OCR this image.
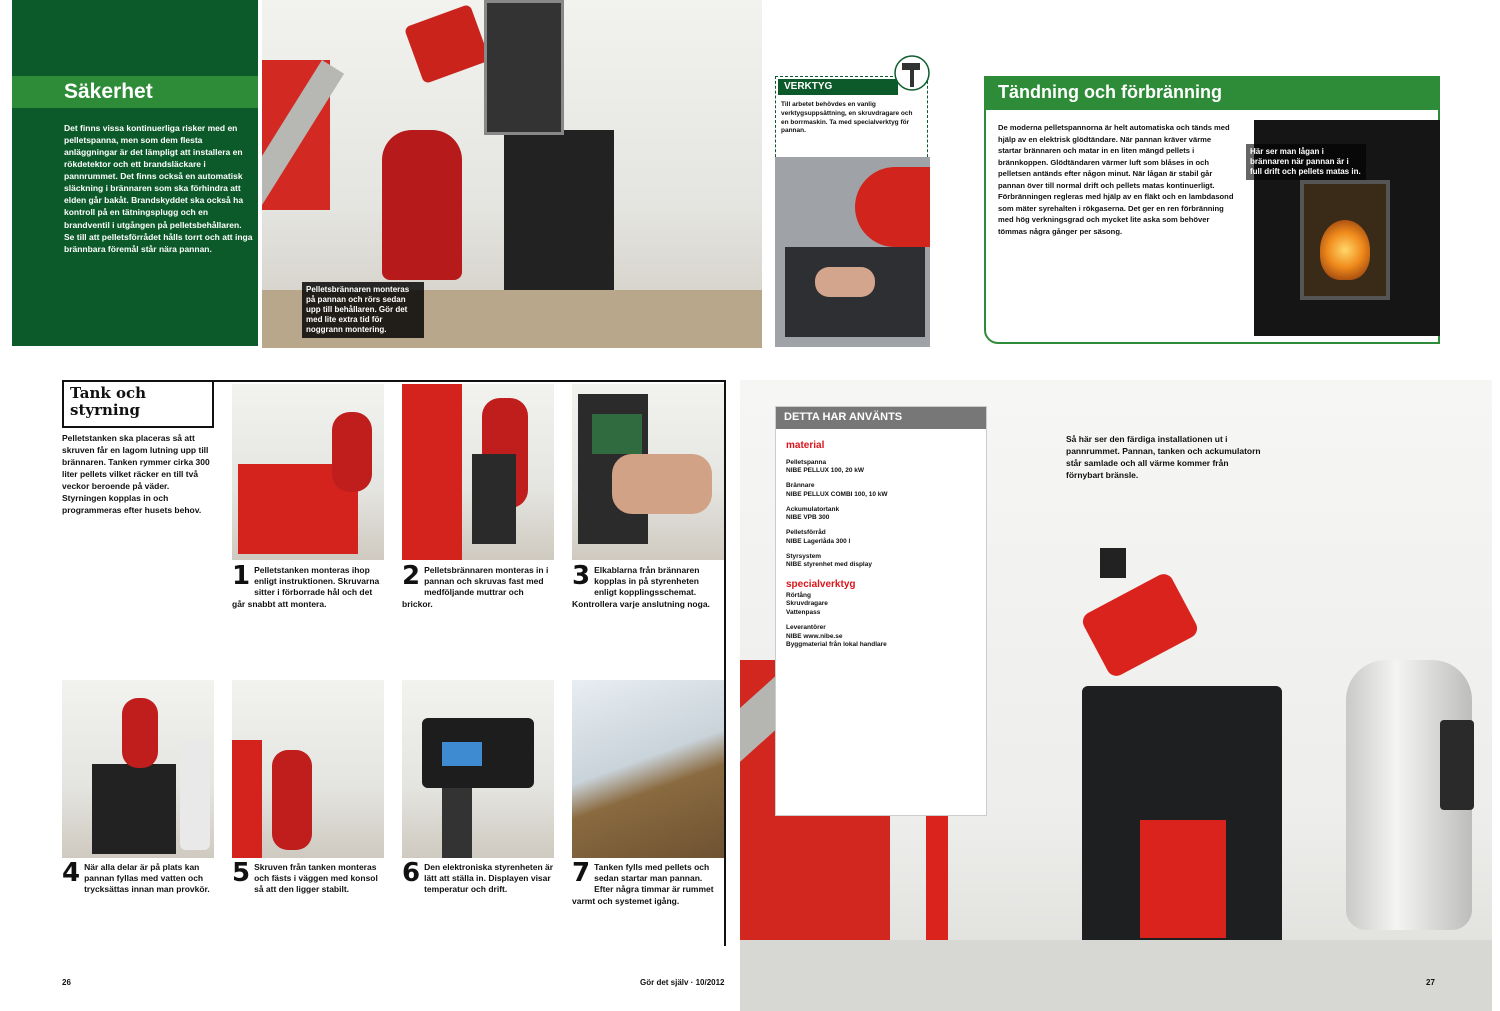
Säkerhet
Det finns vissa kontinuerliga risker med en pelletspanna, men som dem flesta anläggningar är det lämpligt att installera en rökdetektor och ett brandsläckare i pannrummet. Det finns också en automatisk släckning i brännaren som ska förhindra att elden går bakåt. Brandskyddet ska också ha kontroll på en tätningsplugg och en brandventil i utgången på pelletsbehållaren. Se till att pelletsförrådet hålls torrt och att inga brännbara föremål står nära pannan.
Pelletsbrännaren monteras på pannan och rörs sedan upp till behållaren. Gör det med lite extra tid för noggrann montering.
VERKTYG
Till arbetet behövdes en vanlig verktygsuppsättning, en skruvdragare och en borrmaskin. Ta med specialverktyg för pannan.
Tändning och förbränning
De moderna pelletspannorna är helt automatiska och tänds med hjälp av en elektrisk glödtändare. När pannan kräver värme startar brännaren och matar in en liten mängd pellets i brännkoppen. Glödtändaren värmer luft som blåses in och pelletsen antänds efter någon minut. När lågan är stabil går pannan över till normal drift och pellets matas kontinuerligt. Förbränningen regleras med hjälp av en fläkt och en lambdasond som mäter syrehalten i rökgaserna. Det ger en ren förbränning med hög verkningsgrad och mycket lite aska som behöver tömmas några gånger per säsong.
Här ser man lågan i brännaren när pannan är i full drift och pellets matas in.
Tank och styrning
Pelletstanken ska placeras så att skruven får en lagom lutning upp till brännaren. Tanken rymmer cirka 300 liter pellets vilket räcker en till två veckor beroende på väder. Styrningen kopplas in och programmeras efter husets behov.
1 Pelletstanken monteras ihop enligt instruktionen. Skruvarna sitter i förborrade hål och det går snabbt att montera.
2 Pelletsbrännaren monteras in i pannan och skruvas fast med medföljande muttrar och brickor.
3 Elkablarna från brännaren kopplas in på styrenheten enligt kopplingsschemat. Kontrollera varje anslutning noga.
4 När alla delar är på plats kan pannan fyllas med vatten och trycksättas innan man provkör.
5 Skruven från tanken monteras och fästs i väggen med konsol så att den ligger stabilt.
6 Den elektroniska styrenheten är lätt att ställa in. Displayen visar temperatur och drift.
7 Tanken fylls med pellets och sedan startar man pannan. Efter några timmar är rummet varmt och systemet igång.
26	Gör det själv · 10/2012
DETTA HAR ANVÄNTS
material
Pelletspanna
NIBE PELLUX 100, 20 kW
Brännare
NIBE PELLUX COMBI 100, 10 kW
Ackumulatortank
NIBE VPB 300
Pelletsförråd
NIBE Lagerlåda 300 l
Styrsystem
NIBE styrenhet med display
specialverktyg
Rörtång
Skruvdragare
Vattenpass
Leverantörer
NIBE www.nibe.se
Byggmaterial från lokal handlare
Så här ser den färdiga installationen ut i pannrummet. Pannan, tanken och ackumulatorn står samlade och all värme kommer från förnybart bränsle.
27
